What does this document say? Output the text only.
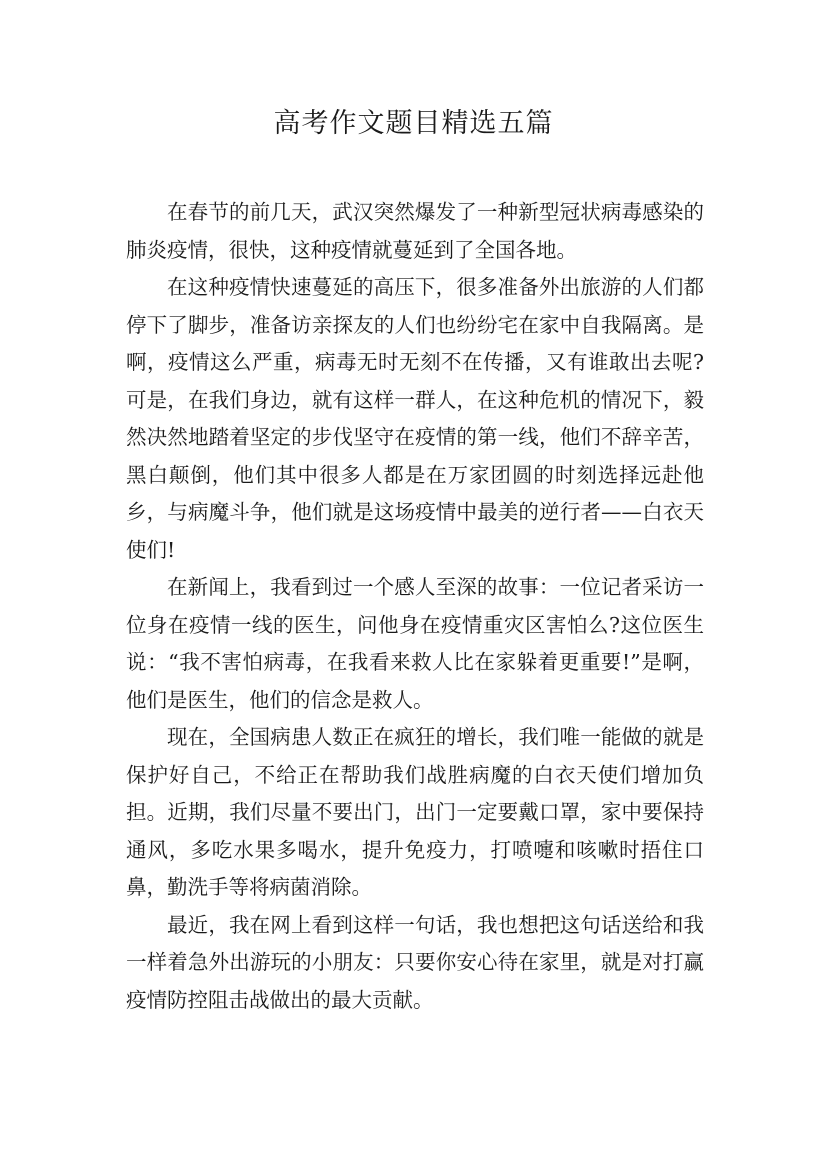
高考作文题目精选五篇

在春节的前几天，武汉突然爆发了一种新型冠状病毒感染的肺炎疫情，很快，这种疫情就蔓延到了全国各地。

在这种疫情快速蔓延的高压下，很多准备外出旅游的人们都停下了脚步，准备访亲探友的人们也纷纷宅在家中自我隔离。是啊，疫情这么严重，病毒无时无刻不在传播，又有谁敢出去呢?可是，在我们身边，就有这样一群人，在这种危机的情况下，毅然决然地踏着坚定的步伐坚守在疫情的第一线，他们不辞辛苦，黑白颠倒，他们其中很多人都是在万家团圆的时刻选择远赴他乡，与病魔斗争，他们就是这场疫情中最美的逆行者——白衣天使们!

在新闻上，我看到过一个感人至深的故事：一位记者采访一位身在疫情一线的医生，问他身在疫情重灾区害怕么?这位医生说：“我不害怕病毒，在我看来救人比在家躲着更重要!”是啊，他们是医生，他们的信念是救人。

现在，全国病患人数正在疯狂的增长，我们唯一能做的就是保护好自己，不给正在帮助我们战胜病魔的白衣天使们增加负担。近期，我们尽量不要出门，出门一定要戴口罩，家中要保持通风，多吃水果多喝水，提升免疫力，打喷嚏和咳嗽时捂住口鼻，勤洗手等将病菌消除。

最近，我在网上看到这样一句话，我也想把这句话送给和我一样着急外出游玩的小朋友：只要你安心待在家里，就是对打赢疫情防控阻击战做出的最大贡献。
